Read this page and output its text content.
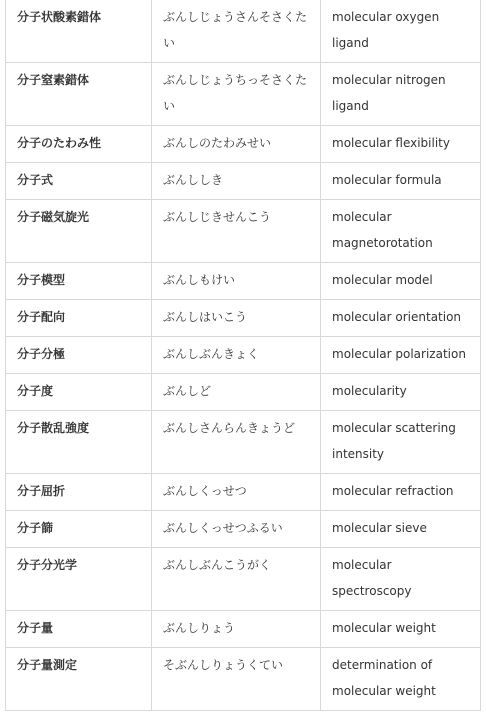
分子状酸素錯体	ぶんしじょうさんそさくたい	molecular oxygen ligand
分子窒素錯体	ぶんしじょうちっそさくたい	molecular nitrogen ligand
分子のたわみ性	ぶんしのたわみせい	molecular flexibility
分子式	ぶんししき	molecular formula
分子磁気旋光	ぶんしじきせんこう	molecular magnetorotation
分子模型	ぶんしもけい	molecular model
分子配向	ぶんしはいこう	molecular orientation
分子分極	ぶんしぶんきょく	molecular polarization
分子度	ぶんしど	molecularity
分子散乱強度	ぶんしさんらんきょうど	molecular scattering intensity
分子屈折	ぶんしくっせつ	molecular refraction
分子篩	ぶんしくっせつふるい	molecular sieve
分子分光学	ぶんしぶんこうがく	molecular spectroscopy
分子量	ぶんしりょう	molecular weight
分子量測定	そぶんしりょうくてい	determination of molecular weight
